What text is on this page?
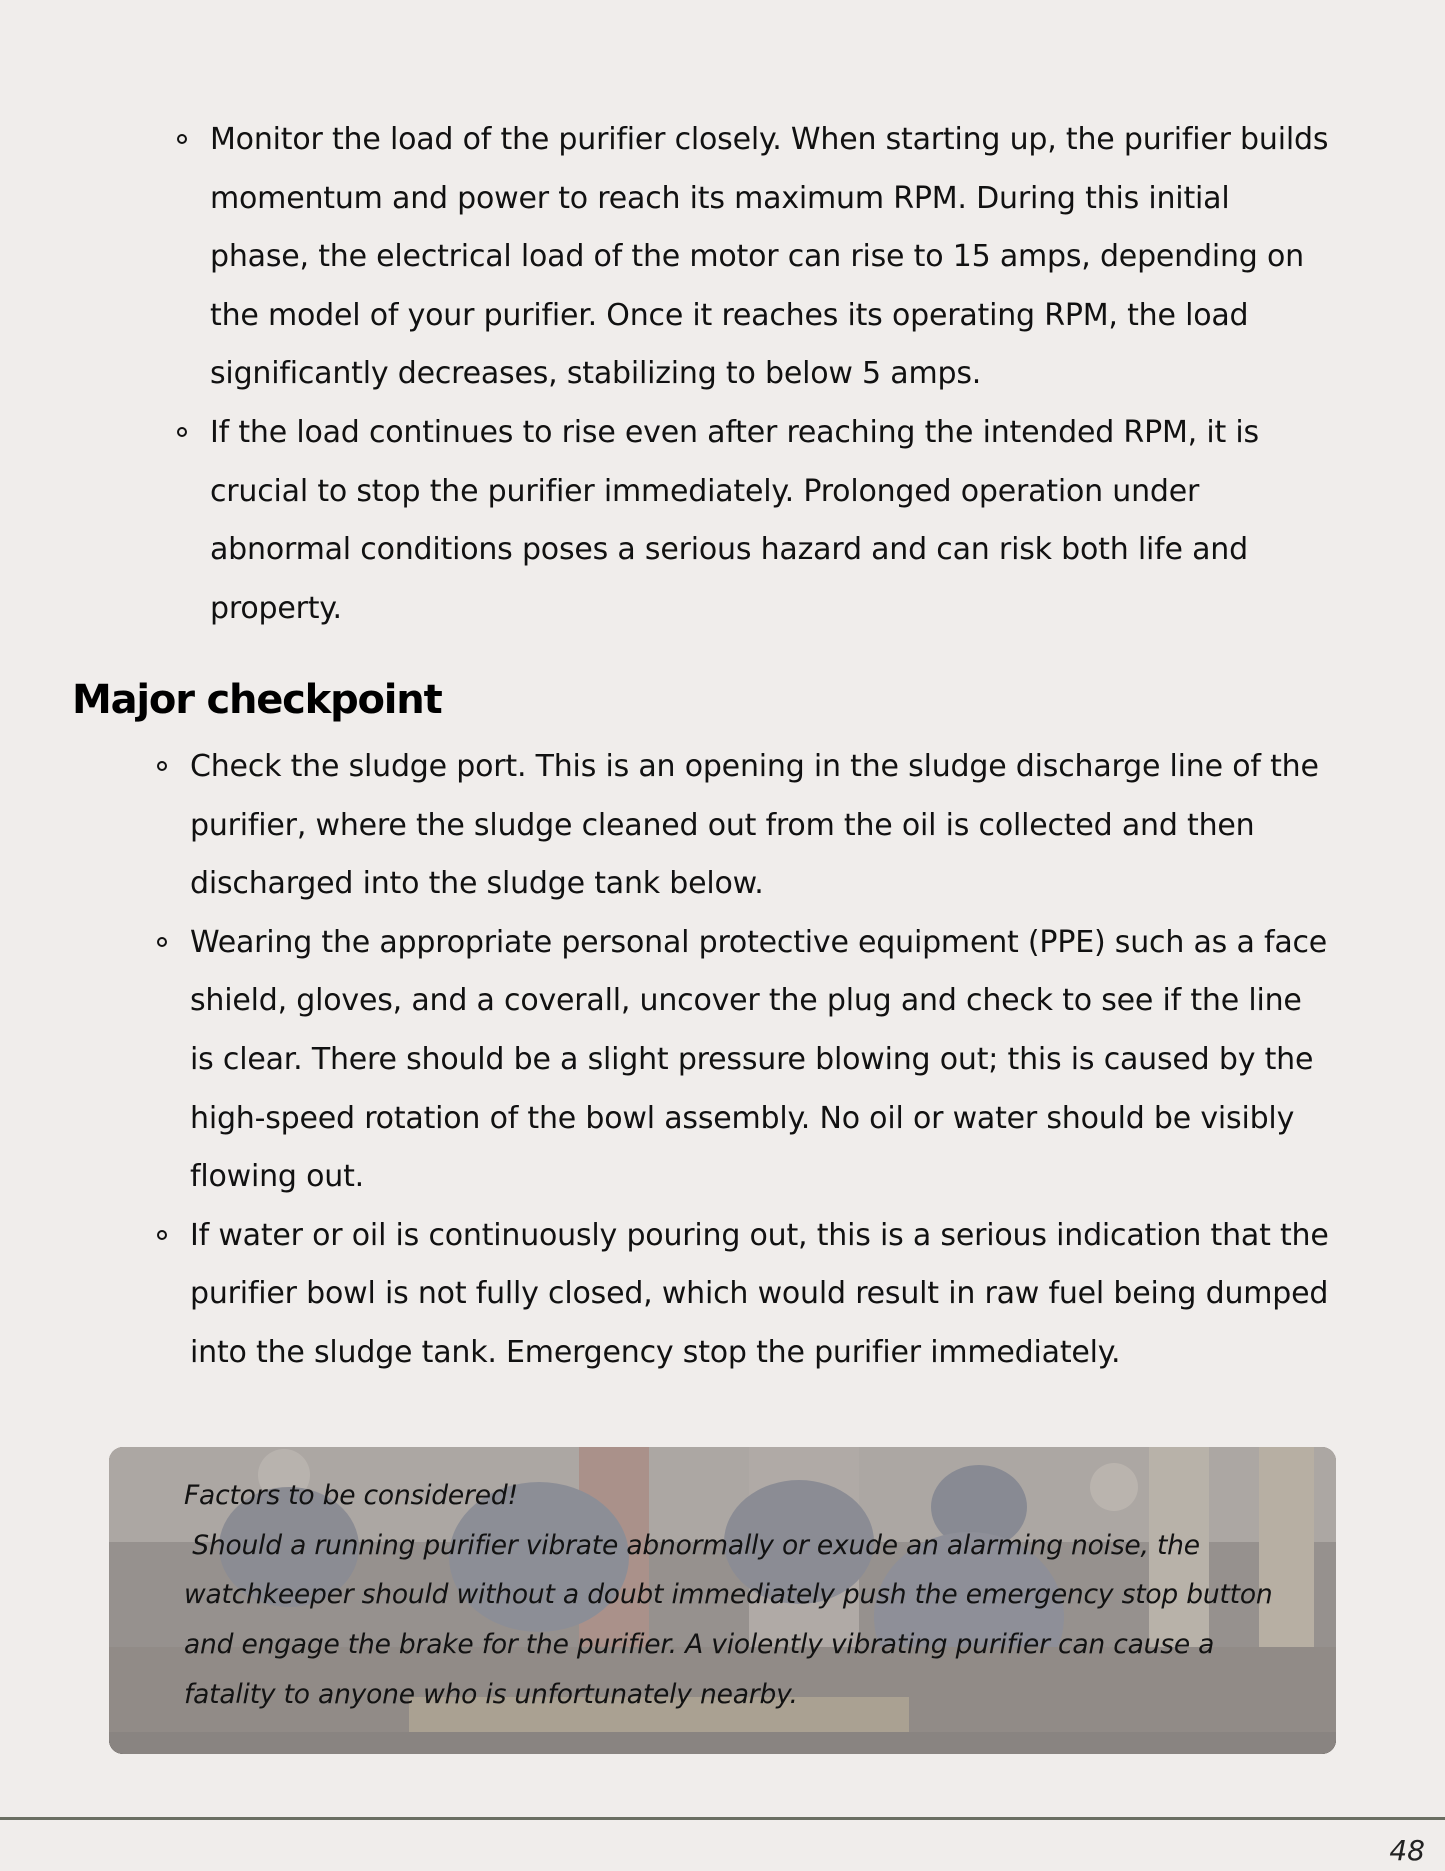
Monitor the load of the purifier closely. When starting up, the purifier builds momentum and power to reach its maximum RPM. During this initial phase, the electrical load of the motor can rise to 15 amps, depending on the model of your purifier. Once it reaches its operating RPM, the load significantly decreases, stabilizing to below 5 amps.
If the load continues to rise even after reaching the intended RPM, it is crucial to stop the purifier immediately. Prolonged operation under abnormal conditions poses a serious hazard and can risk both life and property.
Major checkpoint
Check the sludge port. This is an opening in the sludge discharge line of the purifier, where the sludge cleaned out from the oil is collected and then discharged into the sludge tank below.
Wearing the appropriate personal protective equipment (PPE) such as a face shield, gloves, and a coverall, uncover the plug and check to see if the line is clear. There should be a slight pressure blowing out; this is caused by the high-speed rotation of the bowl assembly. No oil or water should be visibly flowing out.
If water or oil is continuously pouring out, this is a serious indication that the purifier bowl is not fully closed, which would result in raw fuel being dumped into the sludge tank. Emergency stop the purifier immediately.

Factors to be considered!

Should a running purifier vibrate abnormally or exude an alarming noise, the watchkeeper should without a doubt immediately push the emergency stop button and engage the brake for the purifier. A violently vibrating purifier can cause a fatality to anyone who is unfortunately nearby.

48
